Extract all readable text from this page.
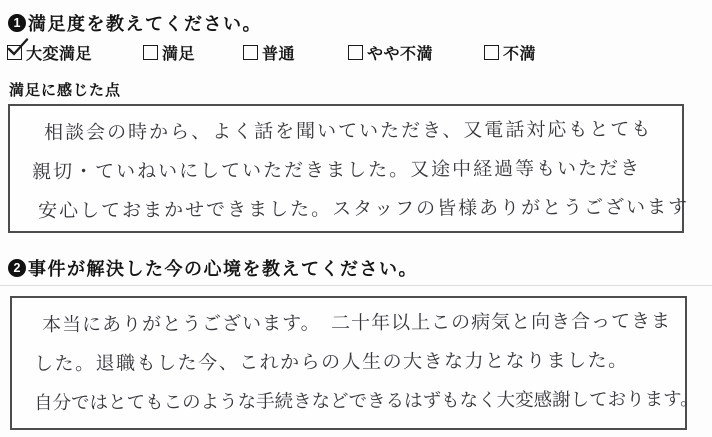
1 満足度を教えてください。
大変満足	満足	普通	やや不満	不満
満足に感じた点
相談会の時から、よく話を聞いていただき、又電話対応もとても
親切・ていねいにしていただきました。又途中経過等もいただき
安心しておまかせできました。スタッフの皆様ありがとうございます
2 事件が解決した今の心境を教えてください。
本当にありがとうございます。　二十年以上この病気と向き合ってきま
した。退職もした今、これからの人生の大きな力となりました。
自分ではとてもこのような手続きなどできるはずもなく大変感謝しております。
